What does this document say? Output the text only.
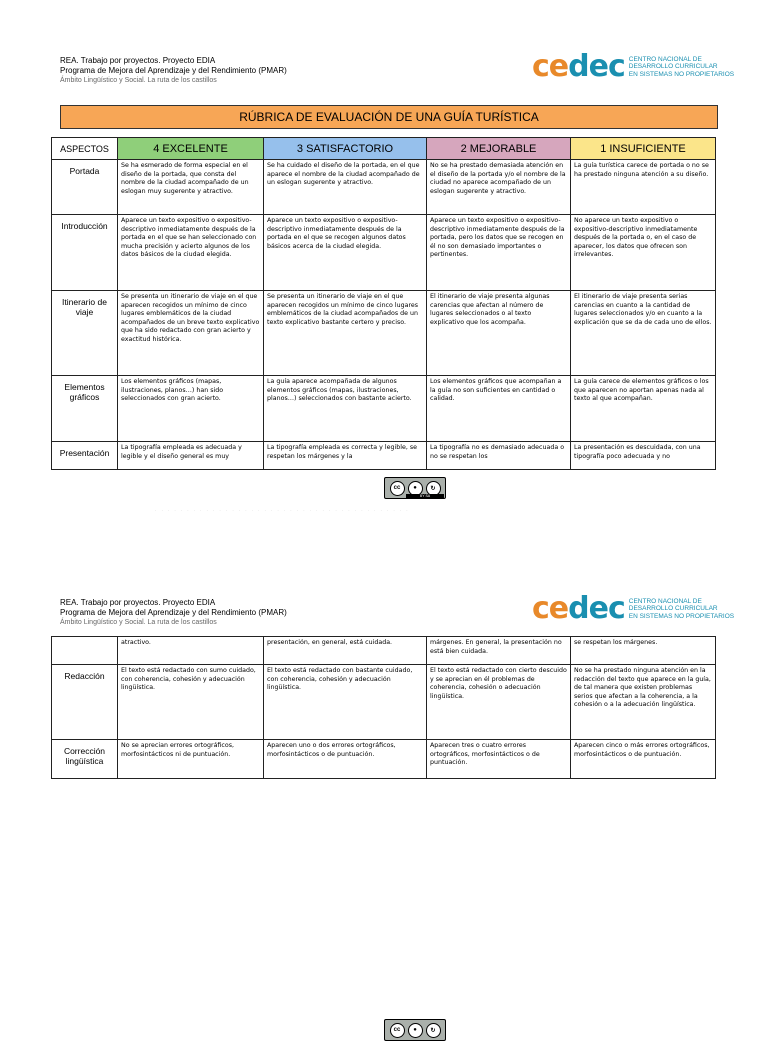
REA. Trabajo por proyectos. Proyecto EDIA
Programa de Mejora del Aprendizaje y del Rendimiento (PMAR)
Ámbito Lingüístico y Social. La ruta de los castillos	cedec CENTRO NACIONAL DE
DESARROLLO CURRICULAR
EN SISTEMAS NO PROPIETARIOS
RÚBRICA DE EVALUACIÓN DE UNA GUÍA TURÍSTICA
ASPECTOS	4 EXCELENTE	3 SATISFACTORIO	2 MEJORABLE	1 INSUFICIENTE
Portada	Se ha esmerado de forma especial en el diseño de la portada, que consta del nombre de la ciudad acompañado de un eslogan muy sugerente y atractivo.	Se ha cuidado el diseño de la portada, en el que aparece el nombre de la ciudad acompañado de un eslogan sugerente y atractivo.	No se ha prestado demasiada atención en el diseño de la portada y/o el nombre de la ciudad no aparece acompañado de un eslogan sugerente y atractivo.	La guía turística carece de portada o no se ha prestado ninguna atención a su diseño.
Introducción	Aparece un texto expositivo o expositivo-descriptivo inmediatamente después de la portada en el que se han seleccionado con mucha precisión y acierto algunos de los datos básicos de la ciudad elegida.	Aparece un texto expositivo o expositivo-descriptivo inmediatamente después de la portada en el que se recogen algunos datos básicos acerca de la ciudad elegida.	Aparece un texto expositivo o expositivo-descriptivo inmediatamente después de la portada, pero los datos que se recogen en él no son demasiado importantes o pertinentes.	No aparece un texto expositivo o expositivo-descriptivo inmediatamente después de la portada o, en el caso de aparecer, los datos que ofrecen son irrelevantes.
Itinerario de viaje	Se presenta un itinerario de viaje en el que aparecen recogidos un mínimo de cinco lugares emblemáticos de la ciudad acompañados de un breve texto explicativo que ha sido redactado con gran acierto y exactitud histórica.	Se presenta un itinerario de viaje en el que aparecen recogidos un mínimo de cinco lugares emblemáticos de la ciudad acompañados de un texto explicativo bastante certero y preciso.	El itinerario de viaje presenta algunas carencias que afectan al número de lugares seleccionados o al texto explicativo que los acompaña.	El itinerario de viaje presenta serias carencias en cuanto a la cantidad de lugares seleccionados y/o en cuanto a la explicación que se da de cada uno de ellos.
Elementos gráficos	Los elementos gráficos (mapas, ilustraciones, planos…) han sido seleccionados con gran acierto.	La guía aparece acompañada de algunos elementos gráficos (mapas, ilustraciones, planos…) seleccionados con bastante acierto.	Los elementos gráficos que acompañan a la guía no son suficientes en cantidad o calidad.	La guía carece de elementos gráficos o los que aparecen no aportan apenas nada al texto al que acompañan.
Presentación	La tipografía empleada es adecuada y legible y el diseño general es muy	La tipografía empleada es correcta y legible, se respetan los márgenes y la	La tipografía no es demasiado adecuada o no se respetan los	La presentación es descuidada, con una tipografía poco adecuada y no
cc	●	↻
BY SA
· · · · · · · · · · · · · · · · · · · · · · · · · · · · · · · · · · · · · · · ·
REA. Trabajo por proyectos. Proyecto EDIA
Programa de Mejora del Aprendizaje y del Rendimiento (PMAR)
Ámbito Lingüístico y Social. La ruta de los castillos	cedec CENTRO NACIONAL DE
DESARROLLO CURRICULAR
EN SISTEMAS NO PROPIETARIOS
	atractivo.	presentación, en general, está cuidada.	márgenes. En general, la presentación no está bien cuidada.	se respetan los márgenes.
Redacción	El texto está redactado con sumo cuidado, con coherencia, cohesión y adecuación lingüística.	El texto está redactado con bastante cuidado, con coherencia, cohesión y adecuación lingüística.	El texto está redactado con cierto descuido y se aprecian en él problemas de coherencia, cohesión o adecuación lingüística.	No se ha prestado ninguna atención en la redacción del texto que aparece en la guía, de tal manera que existen problemas serios que afectan a la coherencia, a la cohesión o a la adecuación lingüística.
Corrección lingüística	No se aprecian errores ortográficos, morfosintácticos ni de puntuación.	Aparecen uno o dos errores ortográficos, morfosintácticos o de puntuación.	Aparecen tres o cuatro errores ortográficos, morfosintácticos o de puntuación.	Aparecen cinco o más errores ortográficos, morfosintácticos o de puntuación.
cc	●	↻
